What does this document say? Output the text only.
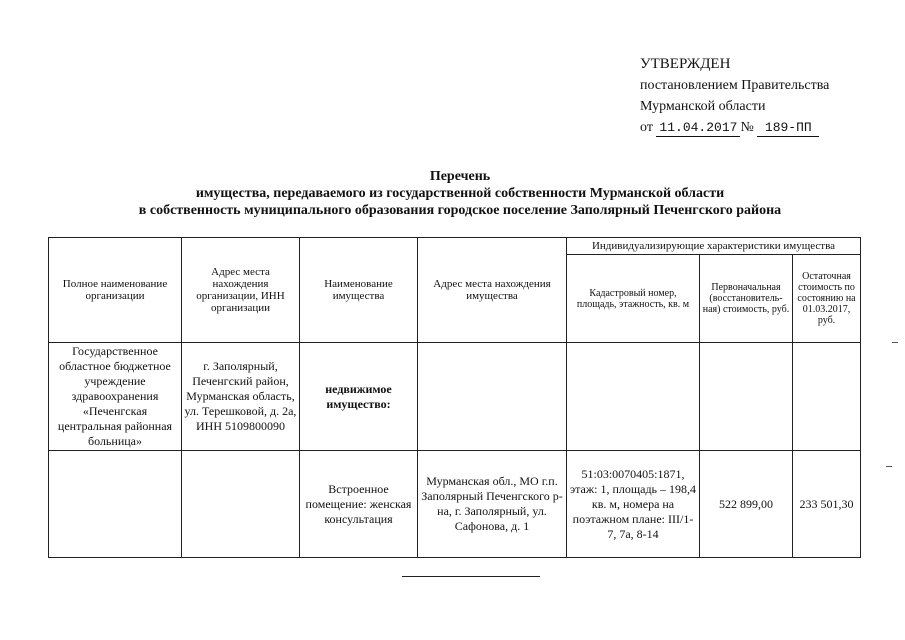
УТВЕРЖДЕН
постановлением Правительства
Мурманской области
от 11.04.2017 № 189-ПП
Перечень
имущества, передаваемого из государственной собственности Мурманской области
в собственность муниципального образования городское поселение Заполярный Печенгского района
Полное наименование организации	Адрес места нахождения организации, ИНН организации	Наименование имущества	Адрес места нахождения имущества	Индивидуализирующие характеристики имущества		
				Кадастровый номер, площадь, этажность, кв. м	Первоначальная (восстановитель-ная) стоимость, руб.	Остаточная стоимость по состоянию на 01.03.2017, руб.
Государственное областное бюджетное учреждение здравоохранения «Печенгская центральная районная больница»	г. Заполярный, Печенгский район, Мурманская область, ул. Терешковой, д. 2а, ИНН 5109800090	недвижимое имущество:				
		Встроенное помещение: женская консультация	Мурманская обл., МО г.п. Заполярный Печенгского р-на, г. Заполярный, ул. Сафонова, д. 1	51:03:0070405:1871, этаж: 1, площадь – 198,4 кв. м, номера на поэтажном плане: III/1-7, 7а, 8-14	522 899,00	233 501,30
